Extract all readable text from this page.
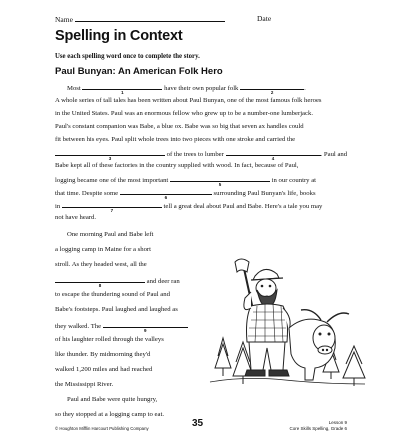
Name	Date
Spelling in Context
Use each spelling word once to complete the story.
Paul Bunyan: An American Folk Hero
Most
1
have their own popular folk
2
.
A whole series of tall tales has been written about Paul Bunyan, one of the most famous folk heroes
in the United States. Paul was an enormous fellow who grew up to be a number-one lumberjack.
Paul's constant companion was Babe, a blue ox. Babe was so big that seven ax handles could
fit between his eyes. Paul split whole trees into two pieces with one stroke and carried the
3
of the trees to lumber
4
. Paul and
Babe kept all of these factories in the country supplied with wood. In fact, because of Paul,
logging became one of the most important
5
in our country at
that time. Despite some
6
surrounding Paul Bunyan's life, books
in
7
tell a great deal about Paul and Babe. Here's a tale you may
not have heard.
One morning Paul and Babe left
a logging camp in Maine for a short
stroll. As they headed west, all the
8
and deer ran
to escape the thundering sound of Paul and
Babe's footsteps. Paul laughed and laughed as
they walked. The
9
of his laughter rolled through the valleys
like thunder. By midmorning they'd
walked 1,200 miles and had reached
the Mississippi River.
Paul and Babe were quite hungry,
so they stopped at a logging camp to eat.
© Houghton Mifflin Harcourt Publishing Company	35	Lesson 9
Core Skills Spelling, Grade 6
